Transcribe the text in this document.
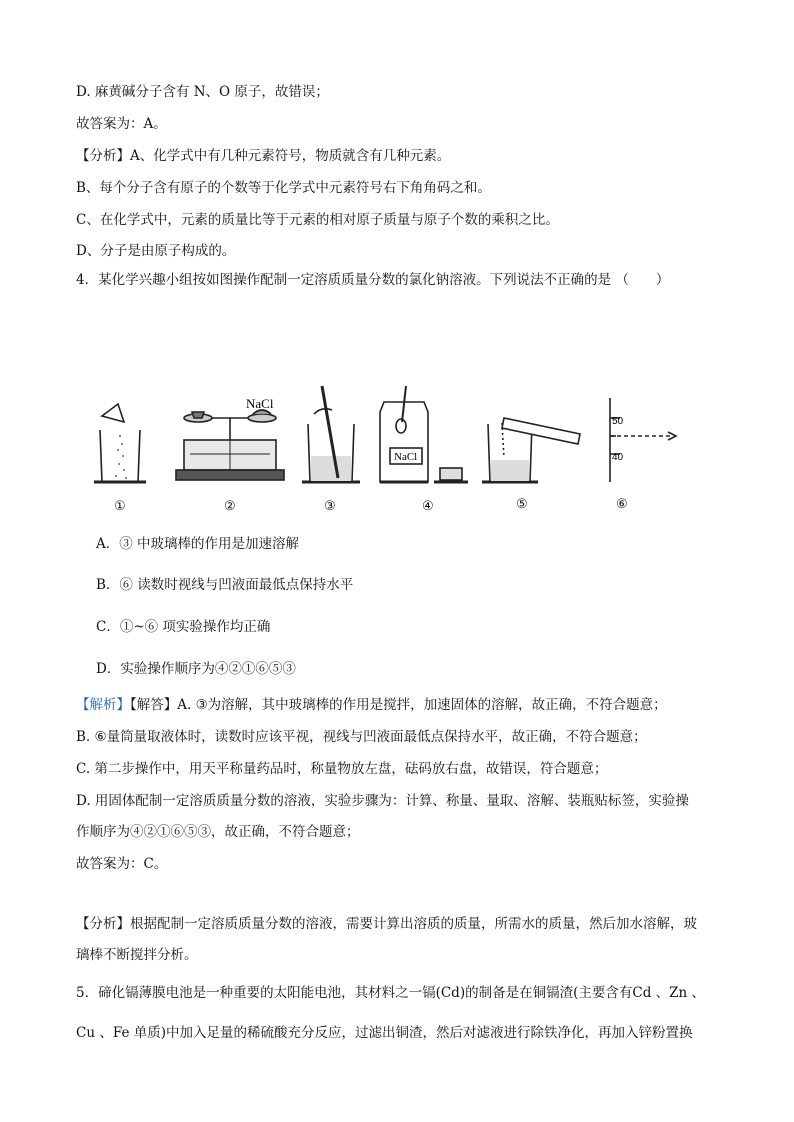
D. 麻黄碱分子含有 N、O 原子，故错误；
故答案为：A。
【分析】A、化学式中有几种元素符号，物质就含有几种元素。
B、每个分子含有原子的个数等于化学式中元素符号右下角角码之和。
C、在化学式中，元素的质量比等于元素的相对原子质量与原子个数的乘积之比。
D、分子是由原子构成的。
4．某化学兴趣小组按如图操作配制一定溶质质量分数的氯化钠溶液。下列说法不正确的是 （　　）
NaCl
NaCl
50
40
①	②	③	④	⑤	⑥
A．③ 中玻璃棒的作用是加速溶解
B．⑥ 读数时视线与凹液面最低点保持水平
C．①~⑥ 项实验操作均正确
D．实验操作顺序为④②①⑥⑤③
【解析】【解答】A. ③为溶解，其中玻璃棒的作用是搅拌，加速固体的溶解，故正确，不符合题意；
B. ⑥量筒量取液体时，读数时应该平视，视线与凹液面最低点保持水平，故正确，不符合题意；
C. 第二步操作中，用天平称量药品时，称量物放左盘，砝码放右盘，故错误，符合题意；
D. 用固体配制一定溶质质量分数的溶液，实验步骤为：计算、称量、量取、溶解、装瓶贴标签，实验操
作顺序为④②①⑥⑤③，故正确，不符合题意；
故答案为：C。
【分析】根据配制一定溶质质量分数的溶液，需要计算出溶质的质量，所需水的质量，然后加水溶解，玻
璃棒不断搅拌分析。
5．碲化镉薄膜电池是一种重要的太阳能电池，其材料之一镉(Cd)的制备是在铜镉渣(主要含有Cd 、Zn 、
Cu 、Fe 单质)中加入足量的稀硫酸充分反应，过滤出铜渣，然后对滤液进行除铁净化，再加入锌粉置换
